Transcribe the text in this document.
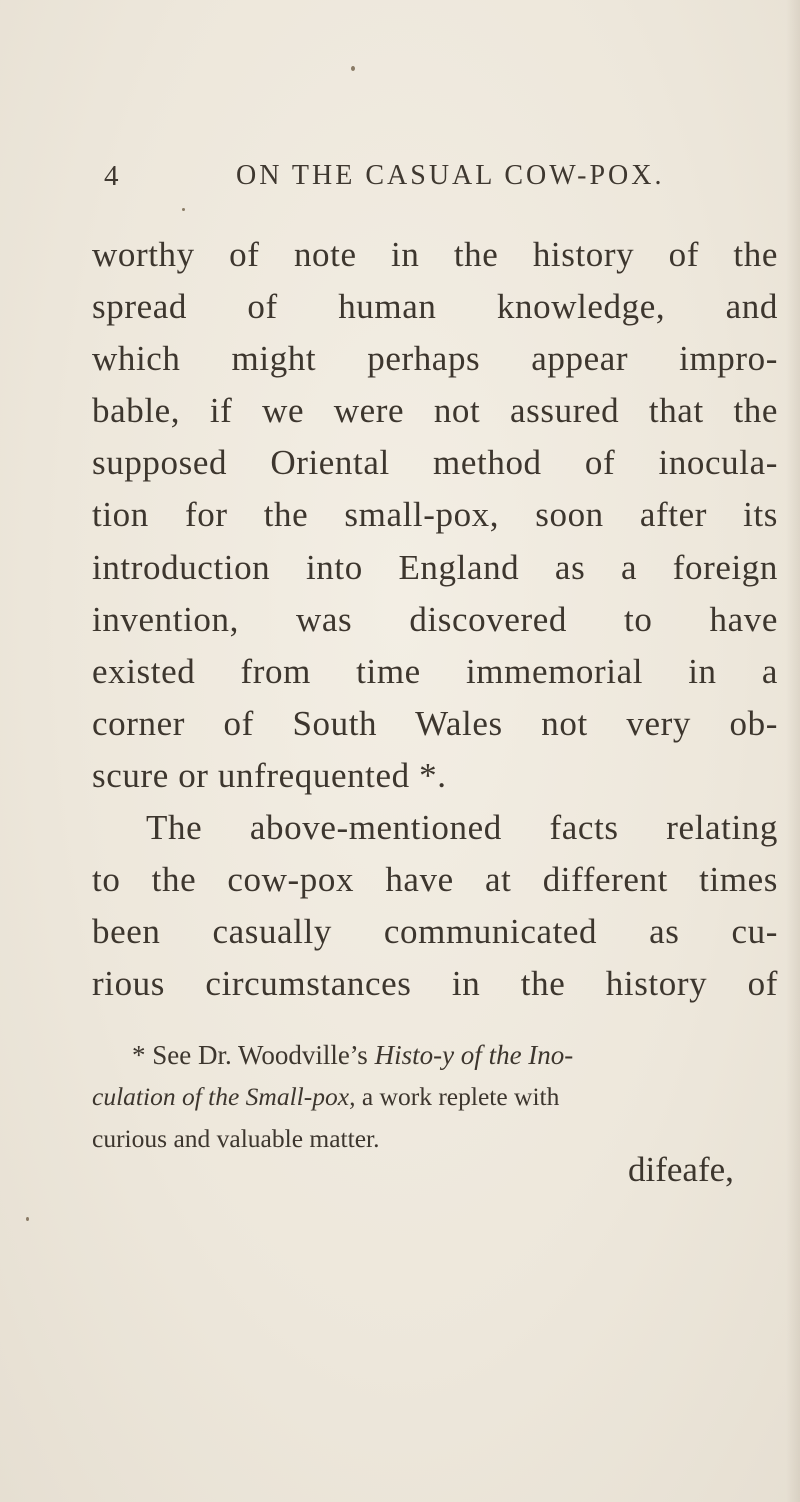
4	ON THE CASUAL COW-POX.
worthy of note in the history of the
spread of human knowledge, and
which might perhaps appear impro-
bable, if we were not assured that the
supposed Oriental method of inocula-
tion for the small-pox, soon after its
introduction into England as a foreign
invention, was discovered to have
existed from time immemorial in a
corner of South Wales not very ob-
scure or unfrequented *.
The above-mentioned facts relating
to the cow-pox have at different times
been casually communicated as cu-
rious circumstances in the history of
* See Dr. Woodville’s Histo-y of the Ino-
culation of the Small-pox, a work replete with
curious and valuable matter.
difeafe,
